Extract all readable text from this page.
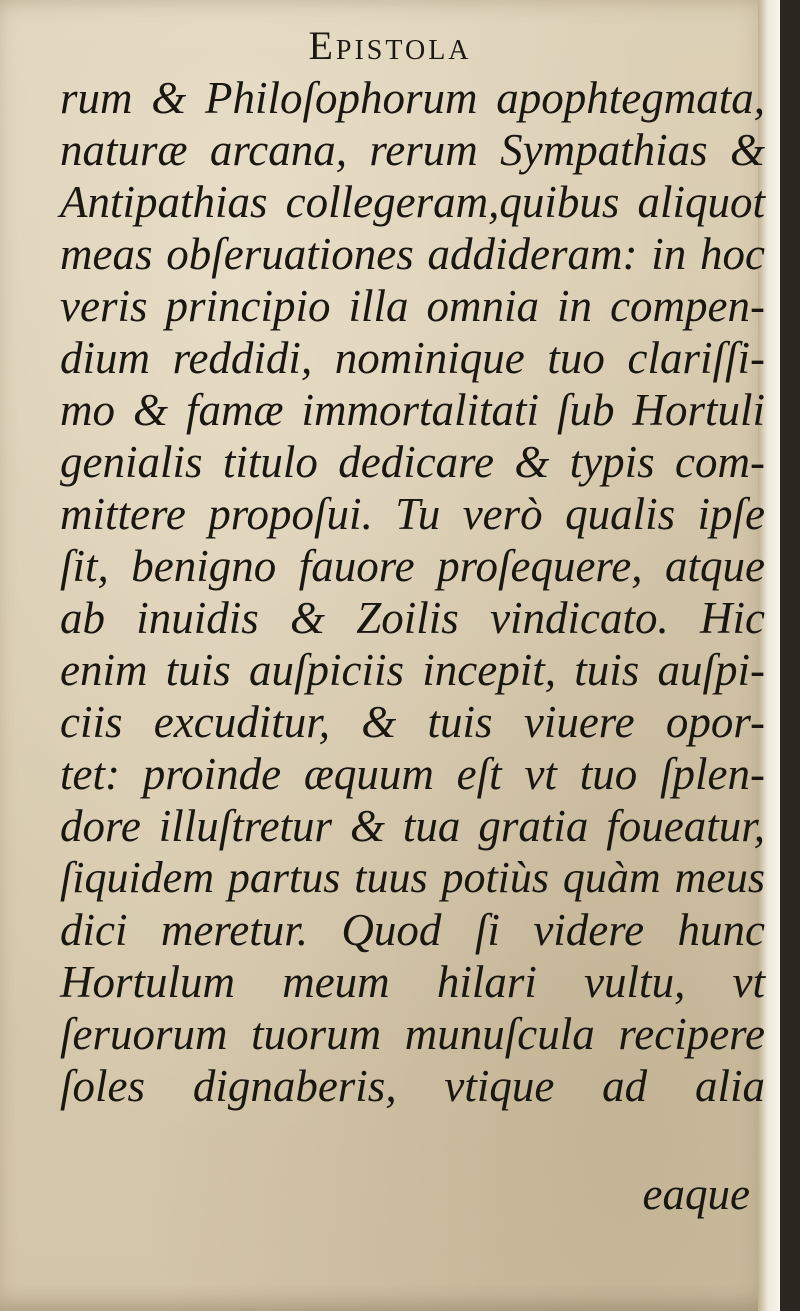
Epistola
rum & Philoſophorum apophtegmata,
naturæ arcana, rerum Sympathias &
Antipathias collegeram,quibus aliquot
meas obſeruationes addideram: in hoc
veris principio illa omnia in compen-
dium reddidi, nominique tuo clariſſi-
mo & famæ immortalitati ſub Hortuli
genialis titulo dedicare & typis com-
mittere propoſui. Tu verò qualis ipſe
ſit, benigno fauore proſequere, atque
ab inuidis & Zoilis vindicato. Hic
enim tuis auſpiciis incepit, tuis auſpi-
ciis excuditur, & tuis viuere opor-
tet: proinde æquum eſt vt tuo ſplen-
dore illuſtretur & tua gratia foueatur,
ſiquidem partus tuus potiùs quàm meus
dici meretur. Quod ſi videre hunc
Hortulum meum hilari vultu, vt
ſeruorum tuorum munuſcula recipere
ſoles dignaberis, vtique ad alia
eaque
